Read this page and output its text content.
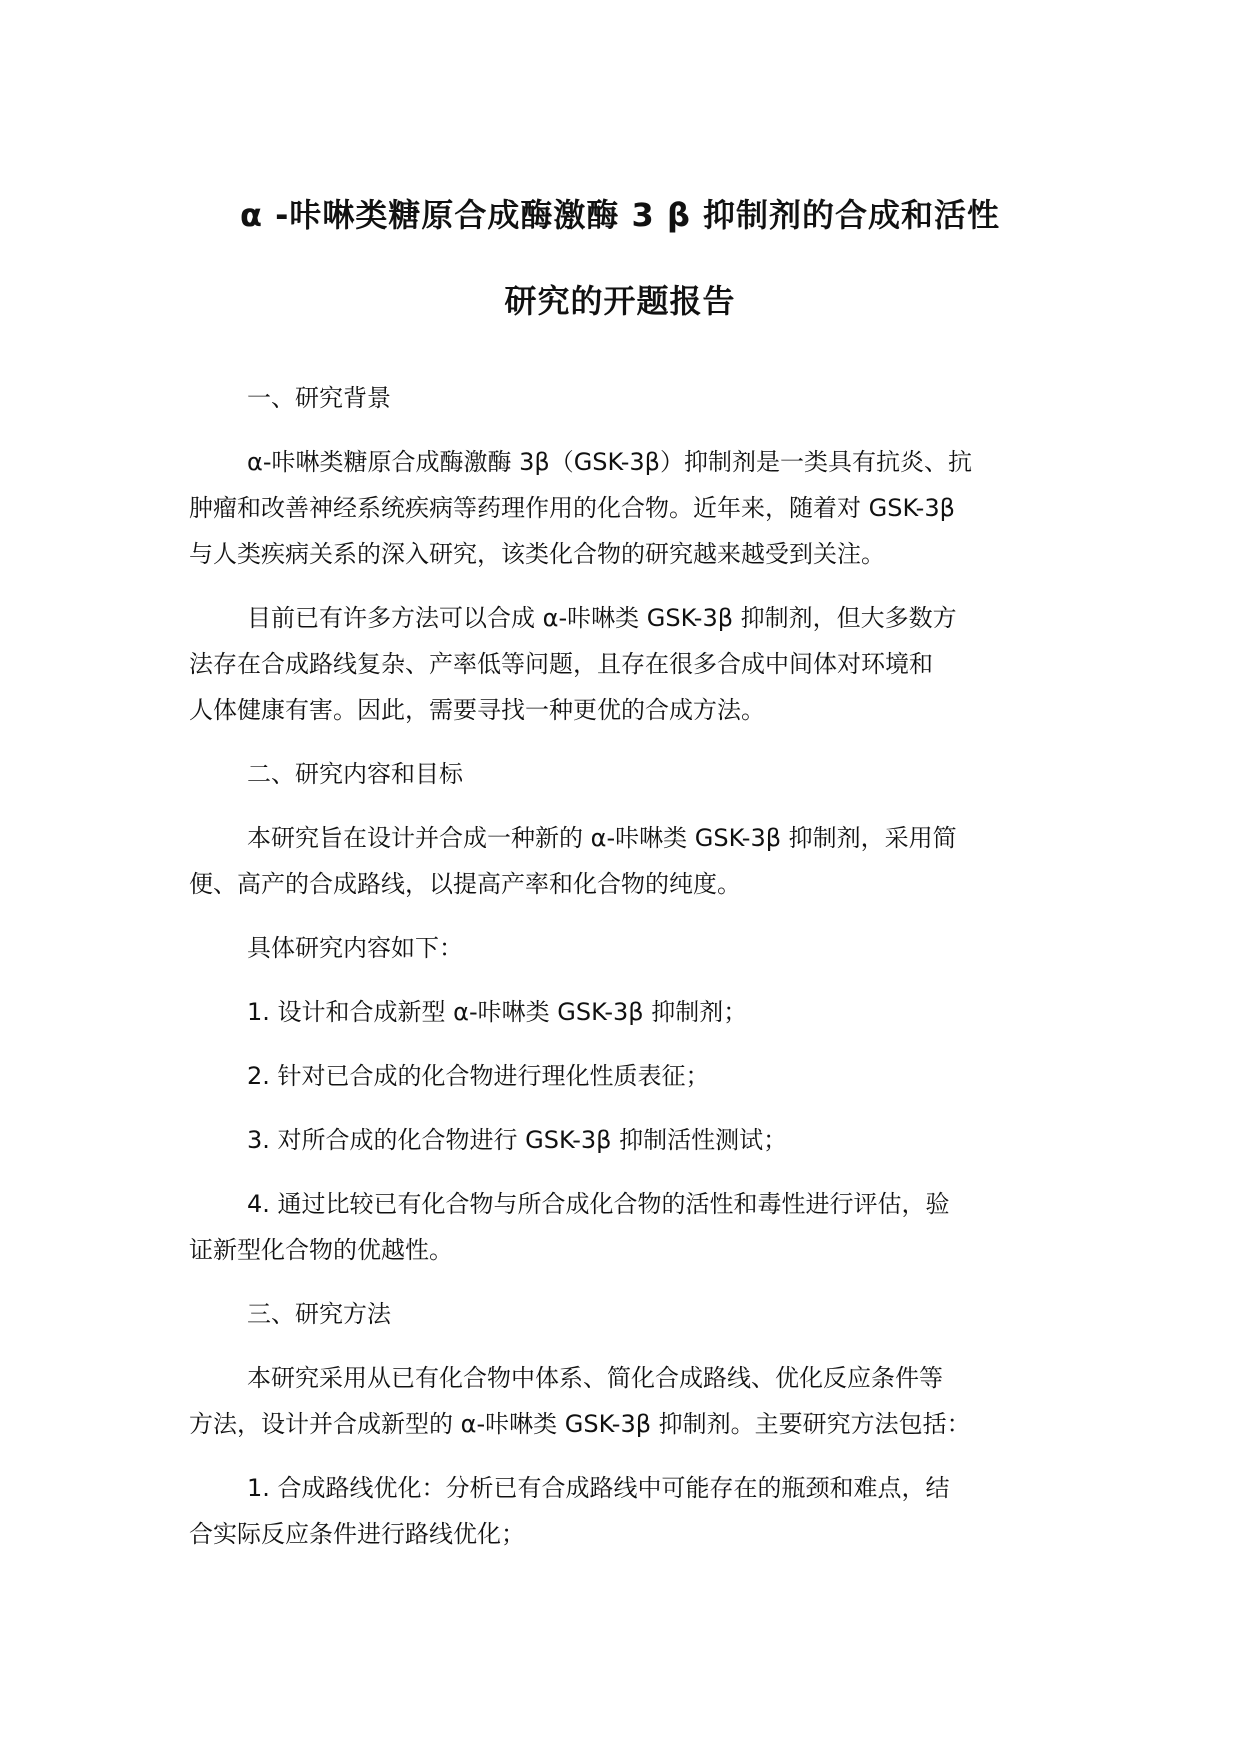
α -咔啉类糖原合成酶激酶 3 β 抑制剂的合成和活性
研究的开题报告

一、研究背景

α-咔啉类糖原合成酶激酶 3β（GSK-3β）抑制剂是一类具有抗炎、抗
肿瘤和改善神经系统疾病等药理作用的化合物。近年来，随着对 GSK-3β
与人类疾病关系的深入研究，该类化合物的研究越来越受到关注。

目前已有许多方法可以合成 α-咔啉类 GSK-3β 抑制剂，但大多数方
法存在合成路线复杂、产率低等问题，且存在很多合成中间体对环境和
人体健康有害。因此，需要寻找一种更优的合成方法。

二、研究内容和目标

本研究旨在设计并合成一种新的 α-咔啉类 GSK-3β 抑制剂，采用简
便、高产的合成路线，以提高产率和化合物的纯度。

具体研究内容如下：

1. 设计和合成新型 α-咔啉类 GSK-3β 抑制剂；

2. 针对已合成的化合物进行理化性质表征；

3. 对所合成的化合物进行 GSK-3β 抑制活性测试；

4. 通过比较已有化合物与所合成化合物的活性和毒性进行评估，验
证新型化合物的优越性。

三、研究方法

本研究采用从已有化合物中体系、简化合成路线、优化反应条件等
方法，设计并合成新型的 α-咔啉类 GSK-3β 抑制剂。主要研究方法包括：

1. 合成路线优化：分析已有合成路线中可能存在的瓶颈和难点，结
合实际反应条件进行路线优化；
